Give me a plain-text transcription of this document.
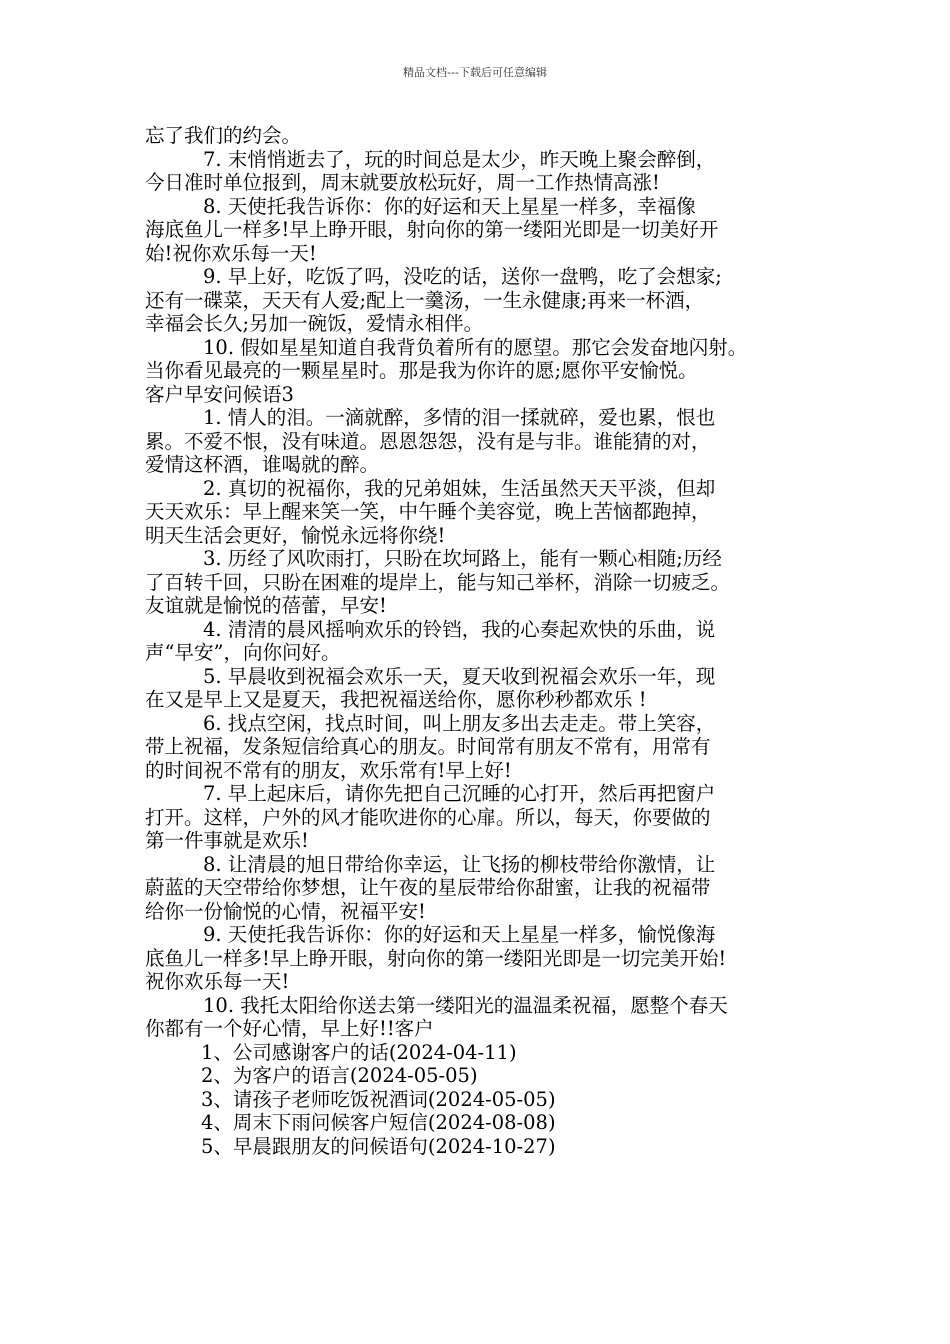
精品文档---下载后可任意编辑
忘了我们的约会。
7. 末悄悄逝去了，玩的时间总是太少，昨天晚上聚会醉倒，
今日准时单位报到，周末就要放松玩好，周一工作热情高涨!
8. 天使托我告诉你：你的好运和天上星星一样多，幸福像
海底鱼儿一样多!早上睁开眼，射向你的第一缕阳光即是一切美好开
始!祝你欢乐每一天!
9. 早上好，吃饭了吗，没吃的话，送你一盘鸭，吃了会想家;
还有一碟菜，天天有人爱;配上一羹汤，一生永健康;再来一杯酒，
幸福会长久;另加一碗饭，爱情永相伴。
10. 假如星星知道自我背负着所有的愿望。那它会发奋地闪射。
当你看见最亮的一颗星星时。那是我为你许的愿;愿你平安愉悦。
客户早安问候语3
1. 情人的泪。一滴就醉，多情的泪一揉就碎，爱也累，恨也
累。不爱不恨，没有味道。恩恩怨怨，没有是与非。谁能猜的对，
爱情这杯酒，谁喝就的醉。
2. 真切的祝福你，我的兄弟姐妹，生活虽然天天平淡，但却
天天欢乐：早上醒来笑一笑，中午睡个美容觉，晚上苦恼都跑掉，
明天生活会更好，愉悦永远将你绕!
3. 历经了风吹雨打，只盼在坎坷路上，能有一颗心相随;历经
了百转千回，只盼在困难的堤岸上，能与知己举杯，消除一切疲乏。
友谊就是愉悦的蓓蕾，早安!
4. 清清的晨风摇响欢乐的铃铛，我的心奏起欢快的乐曲，说
声“早安”，向你问好。
5. 早晨收到祝福会欢乐一天，夏天收到祝福会欢乐一年，现
在又是早上又是夏天，我把祝福送给你，愿你秒秒都欢乐 !
6. 找点空闲，找点时间，叫上朋友多出去走走。带上笑容，
带上祝福，发条短信给真心的朋友。时间常有朋友不常有，用常有
的时间祝不常有的朋友，欢乐常有!早上好!
7. 早上起床后，请你先把自己沉睡的心打开，然后再把窗户
打开。这样，户外的风才能吹进你的心扉。所以，每天，你要做的
第一件事就是欢乐!
8. 让清晨的旭日带给你幸运，让飞扬的柳枝带给你激情，让
蔚蓝的天空带给你梦想，让午夜的星辰带给你甜蜜，让我的祝福带
给你一份愉悦的心情，祝福平安!
9. 天使托我告诉你：你的好运和天上星星一样多，愉悦像海
底鱼儿一样多!早上睁开眼，射向你的第一缕阳光即是一切完美开始!
祝你欢乐每一天!
10. 我托太阳给你送去第一缕阳光的温温柔祝福，愿整个春天
你都有一个好心情，早上好!!客户
1、公司感谢客户的话(2024-04-11)
2、为客户的语言(2024-05-05)
3、请孩子老师吃饭祝酒词(2024-05-05)
4、周末下雨问候客户短信(2024-08-08)
5、早晨跟朋友的问候语句(2024-10-27)
